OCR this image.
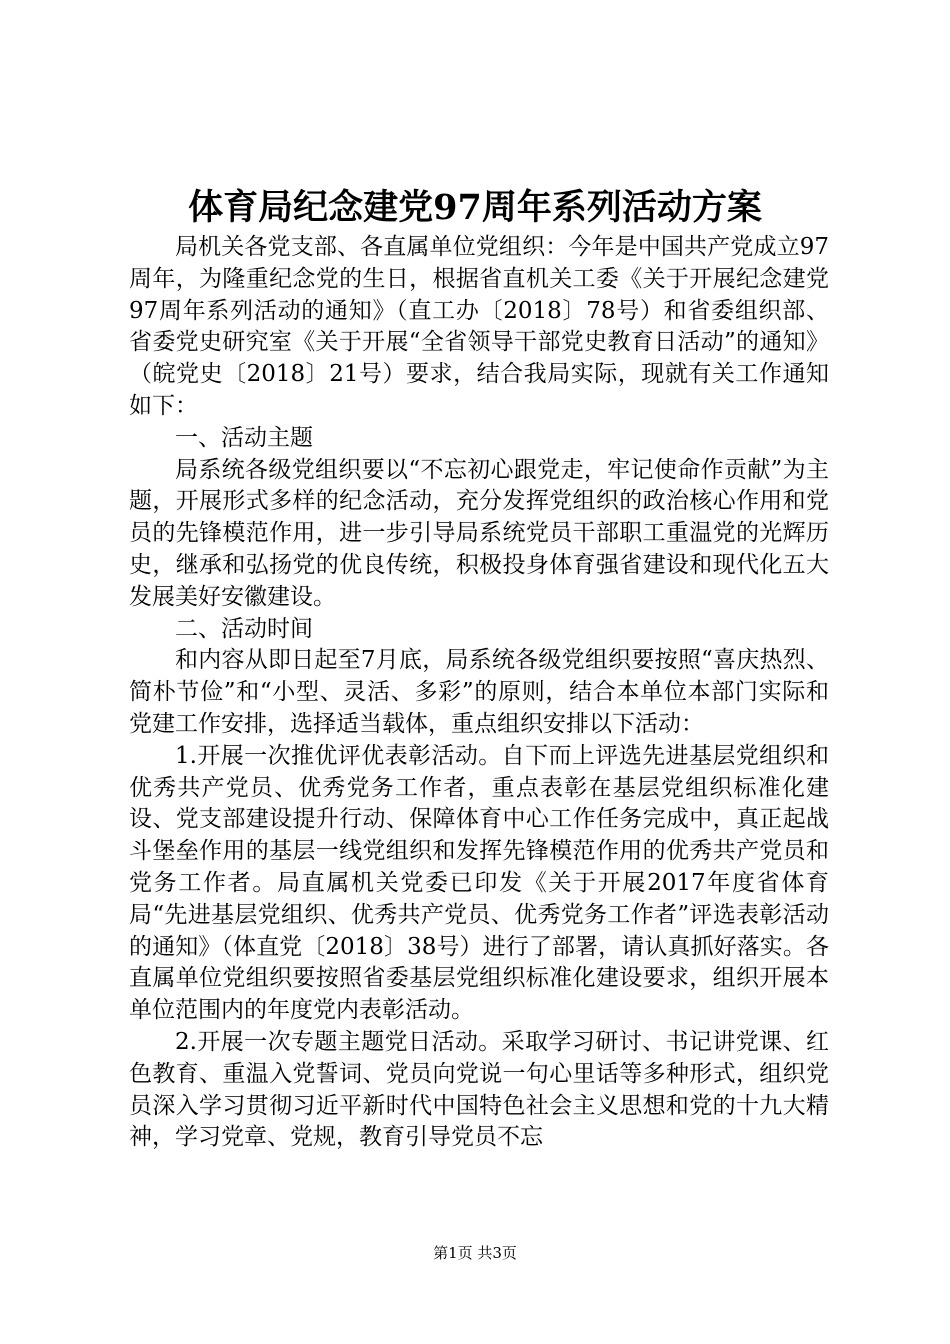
体育局纪念建党97周年系列活动方案

局机关各党支部、各直属单位党组织：今年是中国共产党成立97周年，为隆重纪念党的生日，根据省直机关工委《关于开展纪念建党97周年系列活动的通知》（直工办〔2018〕78号）和省委组织部、省委党史研究室《关于开展“全省领导干部党史教育日活动”的通知》（皖党史〔2018〕21号）要求，结合我局实际，现就有关工作通知如下：

一、活动主题

局系统各级党组织要以“不忘初心跟党走，牢记使命作贡献”为主题，开展形式多样的纪念活动，充分发挥党组织的政治核心作用和党员的先锋模范作用，进一步引导局系统党员干部职工重温党的光辉历史，继承和弘扬党的优良传统，积极投身体育强省建设和现代化五大发展美好安徽建设。

二、活动时间

和内容从即日起至7月底，局系统各级党组织要按照“喜庆热烈、简朴节俭”和“小型、灵活、多彩”的原则，结合本单位本部门实际和党建工作安排，选择适当载体，重点组织安排以下活动：

1.开展一次推优评优表彰活动。自下而上评选先进基层党组织和优秀共产党员、优秀党务工作者，重点表彰在基层党组织标准化建设、党支部建设提升行动、保障体育中心工作任务完成中，真正起战斗堡垒作用的基层一线党组织和发挥先锋模范作用的优秀共产党员和党务工作者。局直属机关党委已印发《关于开展2017年度省体育局“先进基层党组织、优秀共产党员、优秀党务工作者”评选表彰活动的通知》（体直党〔2018〕38号）进行了部署，请认真抓好落实。各直属单位党组织要按照省委基层党组织标准化建设要求，组织开展本单位范围内的年度党内表彰活动。

2.开展一次专题主题党日活动。采取学习研讨、书记讲党课、红色教育、重温入党誓词、党员向党说一句心里话等多种形式，组织党员深入学习贯彻习近平新时代中国特色社会主义思想和党的十九大精神，学习党章、党规，教育引导党员不忘

第1页 共3页
